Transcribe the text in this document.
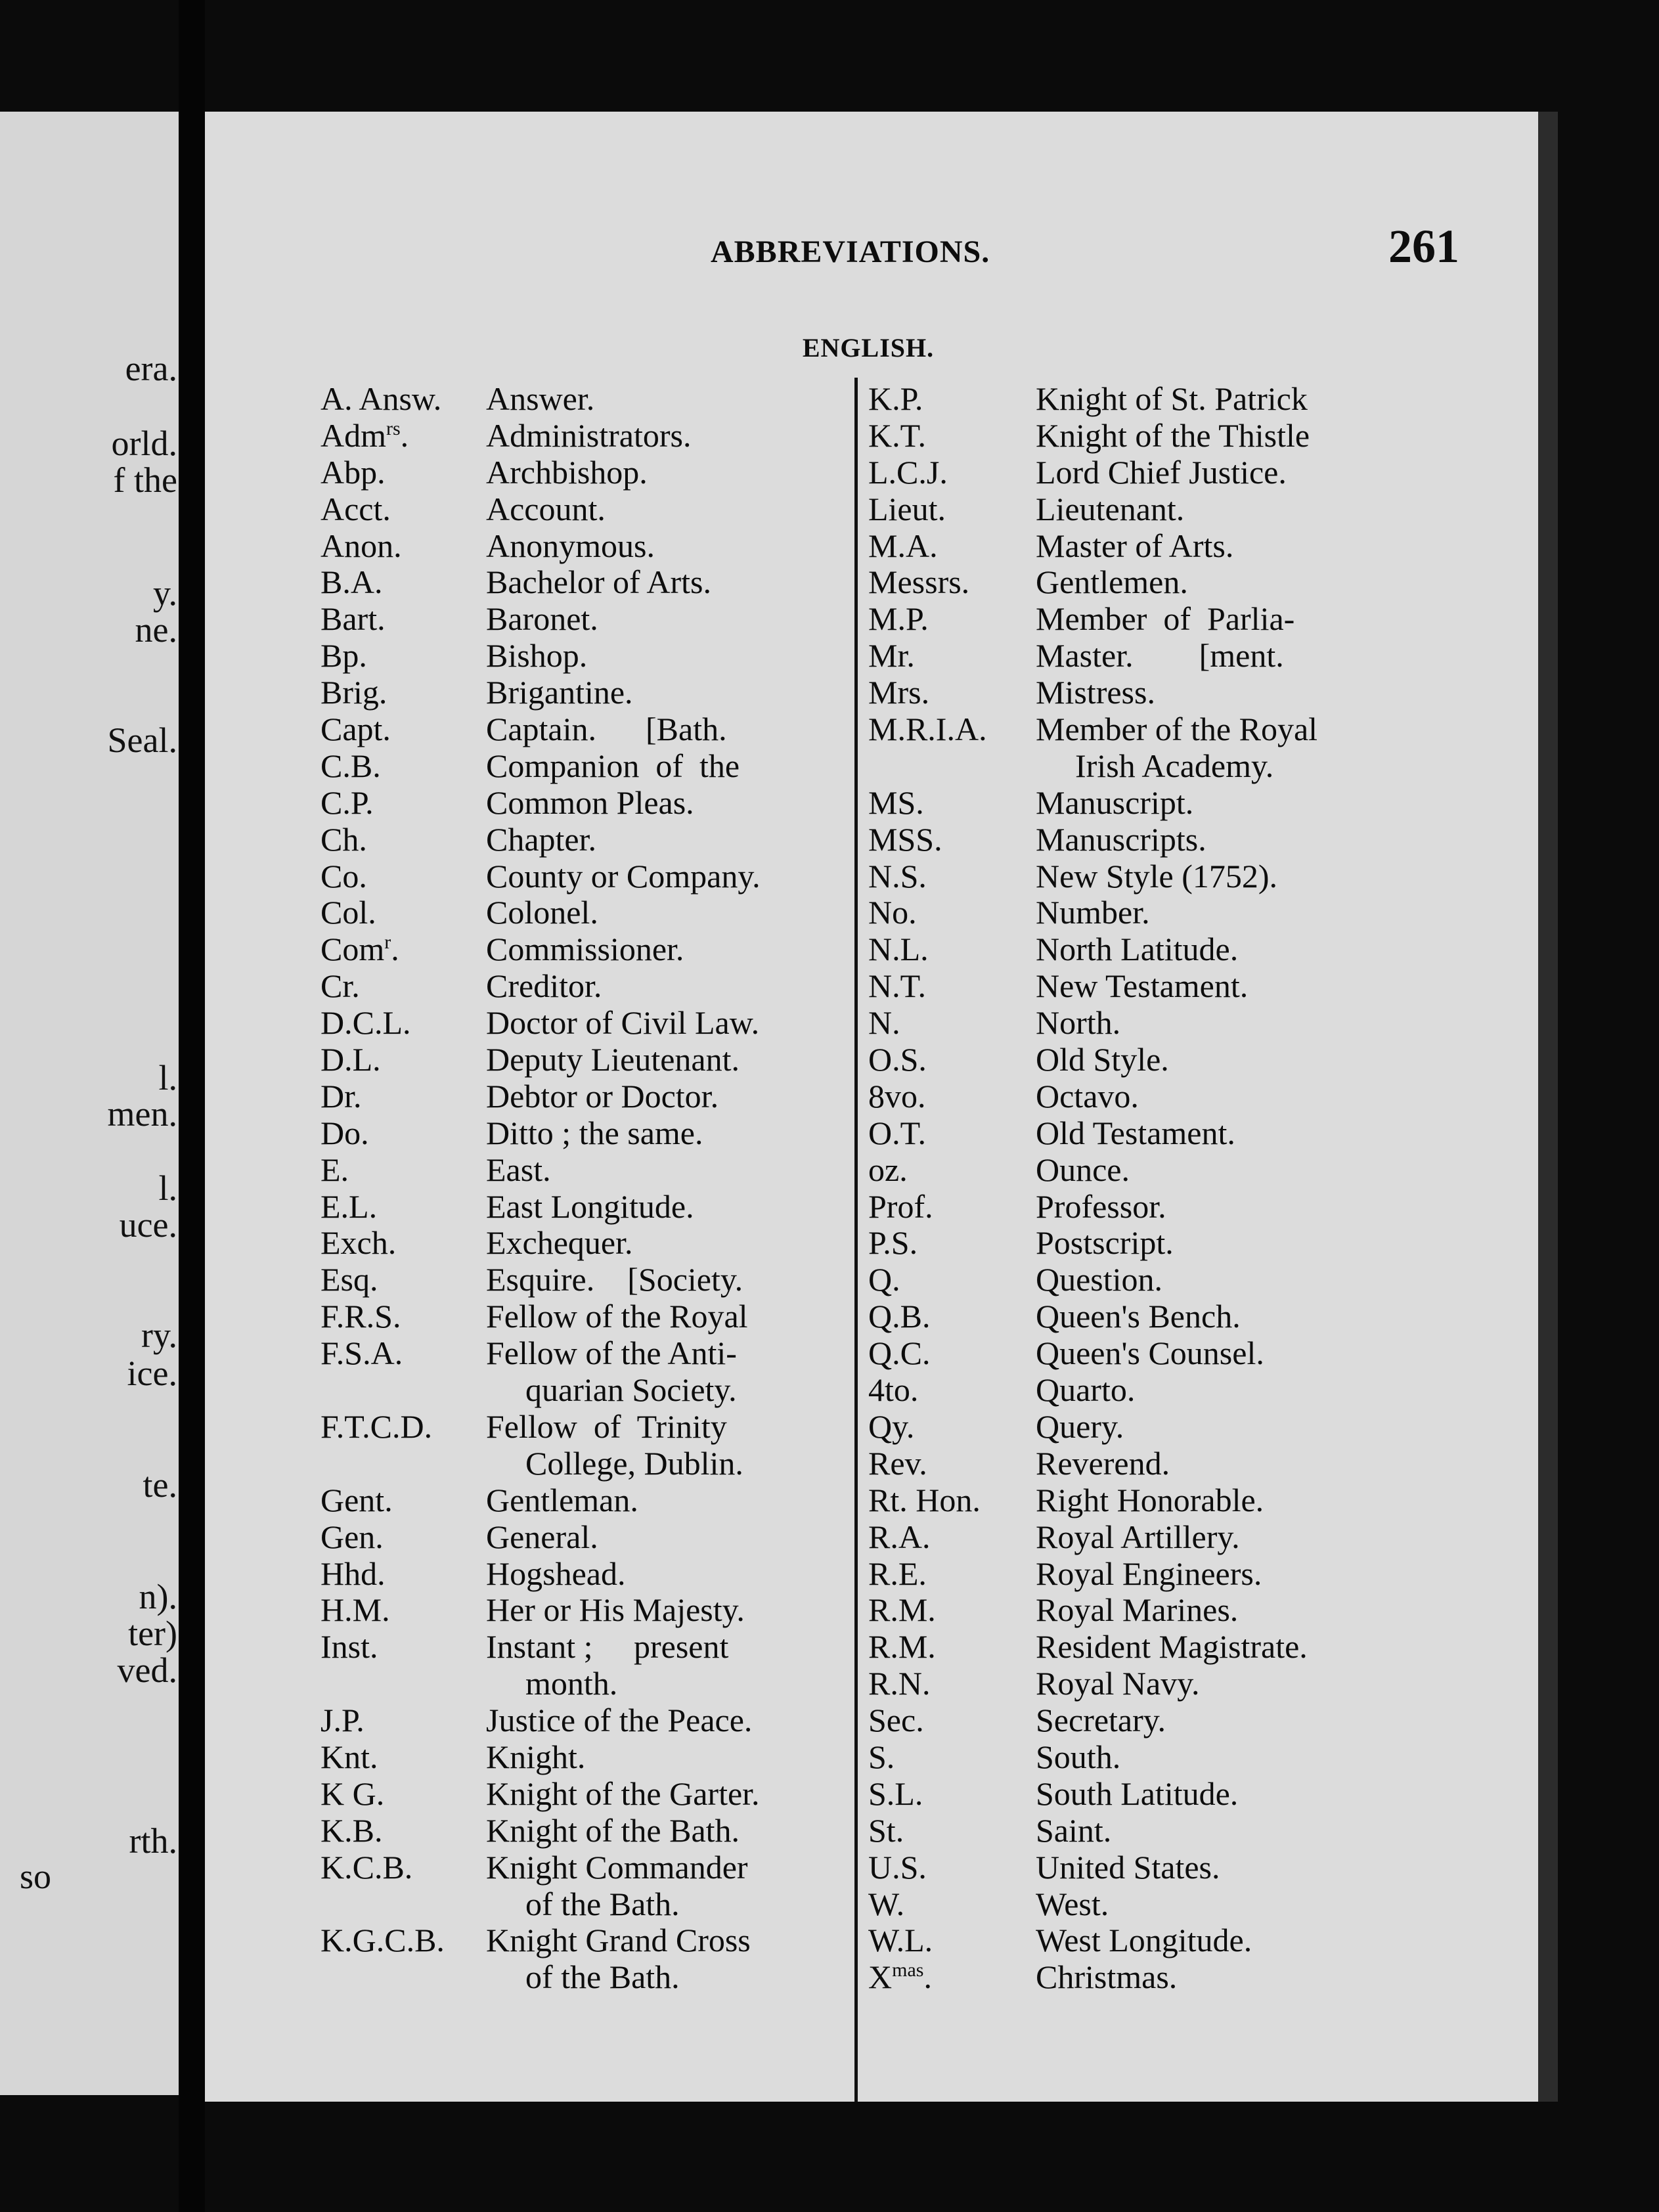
era.
orld.
f the
y.
ne.
Seal.
l.
men.
l.
uce.
ry.
ice.
te.
n).
ter)
ved.
rth.
so
ABBREVIATIONS.	261
ENGLISH.
A. Answ.	Answer.
Adm$^{rs}$.	Administrators.
Abp.	Archbishop.
Acct.	Account.
Anon.	Anonymous.
B.A.	Bachelor of Arts.
Bart.	Baronet.
Bp.	Bishop.
Brig.	Brigantine.
Capt.	Captain.      [Bath.
C.B.	Companion  of  the
C.P.	Common Pleas.
Ch.	Chapter.
Co.	County or Company.
Col.	Colonel.
Com$^r$.	Commissioner.
Cr.	Creditor.
D.C.L.	Doctor of Civil Law.
D.L.	Deputy Lieutenant.
Dr.	Debtor or Doctor.
Do.	Ditto ; the same.
E.	East.
E.L.	East Longitude.
Exch.	Exchequer.
Esq.	Esquire.    [Society.
F.R.S.	Fellow of the Royal
F.S.A.	Fellow of the Anti-
quarian Society.
F.T.C.D.	Fellow  of  Trinity
College, Dublin.
Gent.	Gentleman.
Gen.	General.
Hhd.	Hogshead.
H.M.	Her or His Majesty.
Inst.	Instant ;     present
month.
J.P.	Justice of the Peace.
Knt.	Knight.
K G.	Knight of the Garter.
K.B.	Knight of the Bath.
K.C.B.	Knight Commander
of the Bath.
K.G.C.B.	Knight Grand Cross
of the Bath.
K.P.	Knight of St. Patrick
K.T.	Knight of the Thistle
L.C.J.	Lord Chief Justice.
Lieut.	Lieutenant.
M.A.	Master of Arts.
Messrs.	Gentlemen.
M.P.	Member  of  Parlia-
Mr.	Master.        [ment.
Mrs.	Mistress.
M.R.I.A.	Member of the Royal
Irish Academy.
MS.	Manuscript.
MSS.	Manuscripts.
N.S.	New Style (1752).
No.	Number.
N.L.	North Latitude.
N.T.	New Testament.
N.	North.
O.S.	Old Style.
8vo.	Octavo.
O.T.	Old Testament.
oz.	Ounce.
Prof.	Professor.
P.S.	Postscript.
Q.	Question.
Q.B.	Queen's Bench.
Q.C.	Queen's Counsel.
4to.	Quarto.
Qy.	Query.
Rev.	Reverend.
Rt. Hon.	Right Honorable.
R.A.	Royal Artillery.
R.E.	Royal Engineers.
R.M.	Royal Marines.
R.M.	Resident Magistrate.
R.N.	Royal Navy.
Sec.	Secretary.
S.	South.
S.L.	South Latitude.
St.	Saint.
U.S.	United States.
W.	West.
W.L.	West Longitude.
$X^{mas}$.	Christmas.
